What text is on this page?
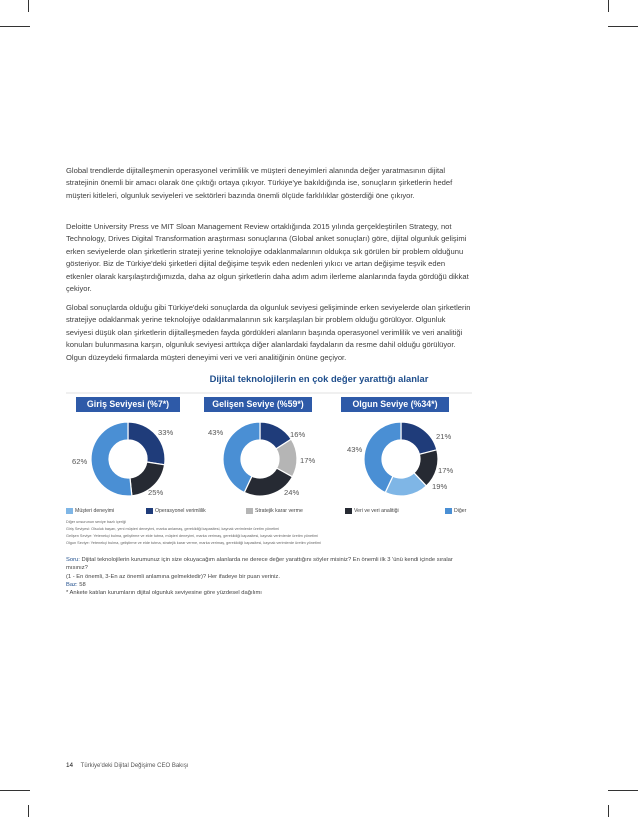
Global trendlerde dijitalleşmenin operasyonel verimlilik ve müşteri deneyimleri alanında değer yaratmasının dijital stratejinin önemli bir amacı olarak öne çıktığı ortaya çıkıyor. Türkiye'ye bakıldığında ise, sonuçların şirketlerin hedef müşteri kitleleri, olgunluk seviyeleri ve sektörleri bazında önemli ölçüde farklılıklar gösterdiği öne çıkıyor.

Deloitte University Press ve MIT Sloan Management Review ortaklığında 2015 yılında gerçekleştirilen Strategy, not Technology, Drives Digital Transformation araştırması sonuçlarına (Global anket sonuçları) göre, dijital olgunluk gelişimi erken seviyelerde olan şirketlerin strateji yerine teknolojiye odaklanmalarının oldukça sık görülen bir problem olduğunu gösteriyor. Biz de Türkiye'deki şirketleri dijital değişime teşvik eden nedenleri yıkıcı ve artan değişime teşvik eden etkenler olarak karşılaştırdığımızda, daha az olgun şirketlerin daha adım adım ilerleme alanlarında fayda gördüğü dikkat çekiyor.

Global sonuçlarda olduğu gibi Türkiye'deki sonuçlarda da olgunluk seviyesi gelişiminde erken seviyelerde olan şirketlerin stratejiye odaklanmak yerine teknolojiye odaklanmalarının sık karşılaşılan bir problem olduğu görülüyor. Olgunluk seviyesi düşük olan şirketlerin dijitalleşmeden fayda gördükleri alanların başında operasyonel verimlilik ve veri analitiği konuları bulunmasına karşın, olgunluk seviyesi arttıkça diğer alanlardaki faydaların da resme dahil olduğu görülüyor. Olgun düzeydeki firmalarda müşteri deneyimi veri ve veri analitiğinin önüne geçiyor.

Dijital teknolojilerin en çok değer yarattığı alanlar
Giriş Seviyesi (%7*)	Gelişen Seviye (%59*)	Olgun Seviye (%34*)
33%
25%
62%
16%
17%
24%
43%	21%
17%
19%
43%
Müşteri deneyimi	Operasyonel verimlilik	Stratejik karar verme	Veri ve veri analitiği	Diğer
Diğer unsurunun seviye bazlı içeriği
Giriş Seviyesi: Olsuluk başarı, yeni müşteri deneyimi, marka anlamaş, gereklidiği kapasitesi, kaynak verimlerde üretim yönetimi
Gelişen Seviye: Yetenekçi bulma, geliştirme ve elde tutma, müşteri deneyimi, marka verimaş, gereklidiği kapasitesi, kaynak verimlerde üretim yönetimi
Olgun Seviye: Yetenekçi bulma, geliştirme ve elde tutma, stratejik karar verme, marka verimaş, gereklidiği kapasitesi, kaynak verimlerde üretim yönetimi
Soru: Dijital teknolojilerin kurumunuz için size okuyacağım alanlarda ne derece değer yarattığını söyler misiniz? En önemli ilk 3 'ünü kendi içinde sıralar mısınız?
(1 - En önemli, 3-En az önemli anlamına gelmektedir)? Her ifadeye bir puan veriniz.
Baz: 58
* Ankete katılan kurumların dijital olgunluk seviyesine göre yüzdesel dağılımı
14 Türkiye'deki Dijital Değişime CEO Bakışı
